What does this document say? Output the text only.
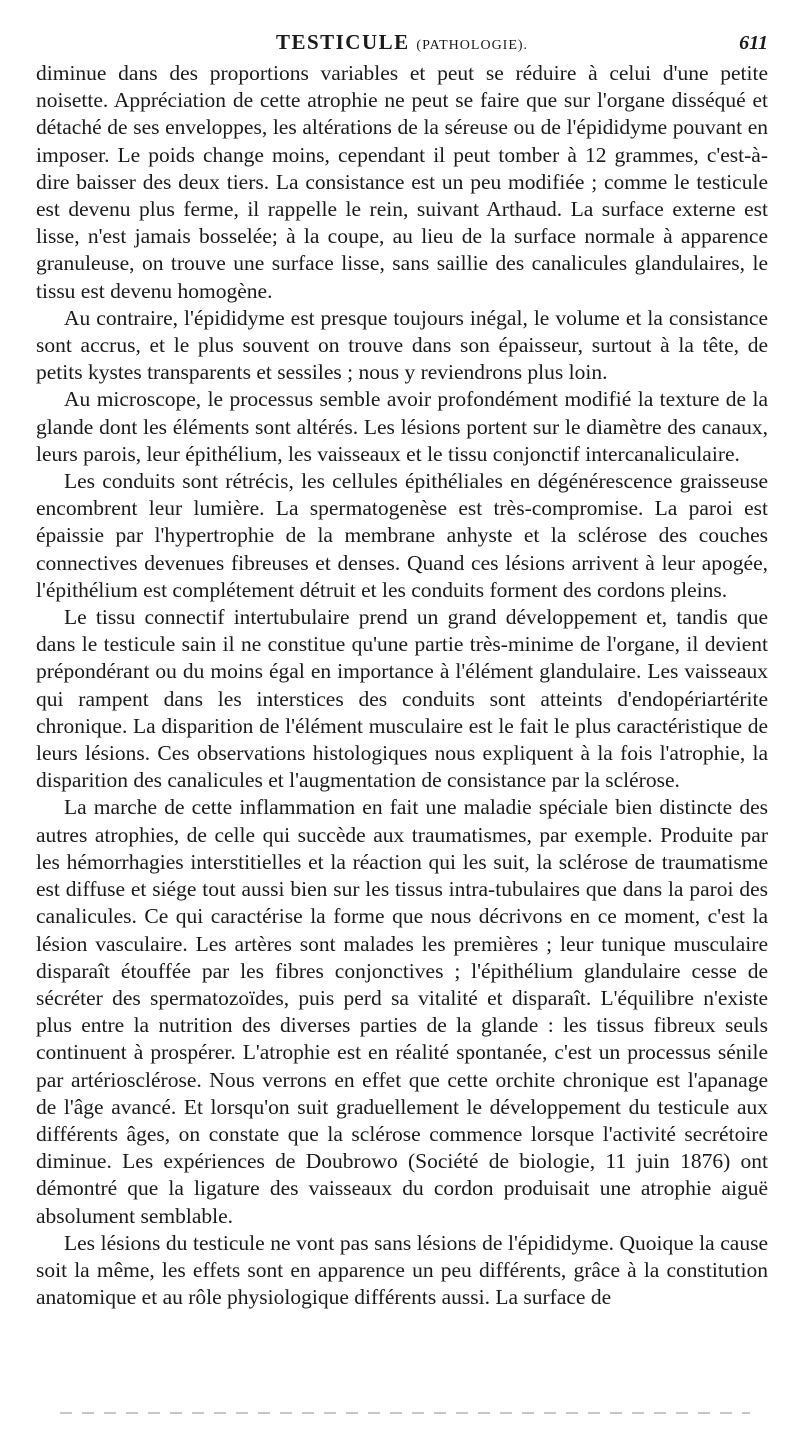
TESTICULE (PATHOLOGIE).	611

diminue dans des proportions variables et peut se réduire à celui d'une petite noisette. Appréciation de cette atrophie ne peut se faire que sur l'organe disséqué et détaché de ses enveloppes, les altérations de la séreuse ou de l'épididyme pouvant en imposer. Le poids change moins, cependant il peut tomber à 12 grammes, c'est-à-dire baisser des deux tiers. La consistance est un peu modifiée ; comme le testicule est devenu plus ferme, il rappelle le rein, suivant Arthaud. La surface externe est lisse, n'est jamais bosselée; à la coupe, au lieu de la surface normale à apparence granuleuse, on trouve une surface lisse, sans saillie des canalicules glandulaires, le tissu est devenu homogène.

Au contraire, l'épididyme est presque toujours inégal, le volume et la consistance sont accrus, et le plus souvent on trouve dans son épaisseur, surtout à la tête, de petits kystes transparents et sessiles ; nous y reviendrons plus loin.

Au microscope, le processus semble avoir profondément modifié la texture de la glande dont les éléments sont altérés. Les lésions portent sur le diamètre des canaux, leurs parois, leur épithélium, les vaisseaux et le tissu conjonctif intercanaliculaire.

Les conduits sont rétrécis, les cellules épithéliales en dégénérescence graisseuse encombrent leur lumière. La spermatogenèse est très-compromise. La paroi est épaissie par l'hypertrophie de la membrane anhyste et la sclérose des couches connectives devenues fibreuses et denses. Quand ces lésions arrivent à leur apogée, l'épithélium est complétement détruit et les conduits forment des cordons pleins.

Le tissu connectif intertubulaire prend un grand développement et, tandis que dans le testicule sain il ne constitue qu'une partie très-minime de l'organe, il devient prépondérant ou du moins égal en importance à l'élément glandulaire. Les vaisseaux qui rampent dans les interstices des conduits sont atteints d'endopériartérite chronique. La disparition de l'élément musculaire est le fait le plus caractéristique de leurs lésions. Ces observations histologiques nous expliquent à la fois l'atrophie, la disparition des canalicules et l'augmentation de consistance par la sclérose.

La marche de cette inflammation en fait une maladie spéciale bien distincte des autres atrophies, de celle qui succède aux traumatismes, par exemple. Produite par les hémorrhagies interstitielles et la réaction qui les suit, la sclérose de traumatisme est diffuse et siége tout aussi bien sur les tissus intra-tubulaires que dans la paroi des canalicules. Ce qui caractérise la forme que nous décrivons en ce moment, c'est la lésion vasculaire. Les artères sont malades les premières ; leur tunique musculaire disparaît étouffée par les fibres conjonctives ; l'épithélium glandulaire cesse de sécréter des spermatozoïdes, puis perd sa vitalité et disparaît. L'équilibre n'existe plus entre la nutrition des diverses parties de la glande : les tissus fibreux seuls continuent à prospérer. L'atrophie est en réalité spontanée, c'est un processus sénile par artériosclérose. Nous verrons en effet que cette orchite chronique est l'apanage de l'âge avancé. Et lorsqu'on suit graduellement le développement du testicule aux différents âges, on constate que la sclérose commence lorsque l'activité secrétoire diminue. Les expériences de Doubrowo (Société de biologie, 11 juin 1876) ont démontré que la ligature des vaisseaux du cordon produisait une atrophie aiguë absolument semblable.

Les lésions du testicule ne vont pas sans lésions de l'épididyme. Quoique la cause soit la même, les effets sont en apparence un peu différents, grâce à la constitution anatomique et au rôle physiologique différents aussi. La surface de
